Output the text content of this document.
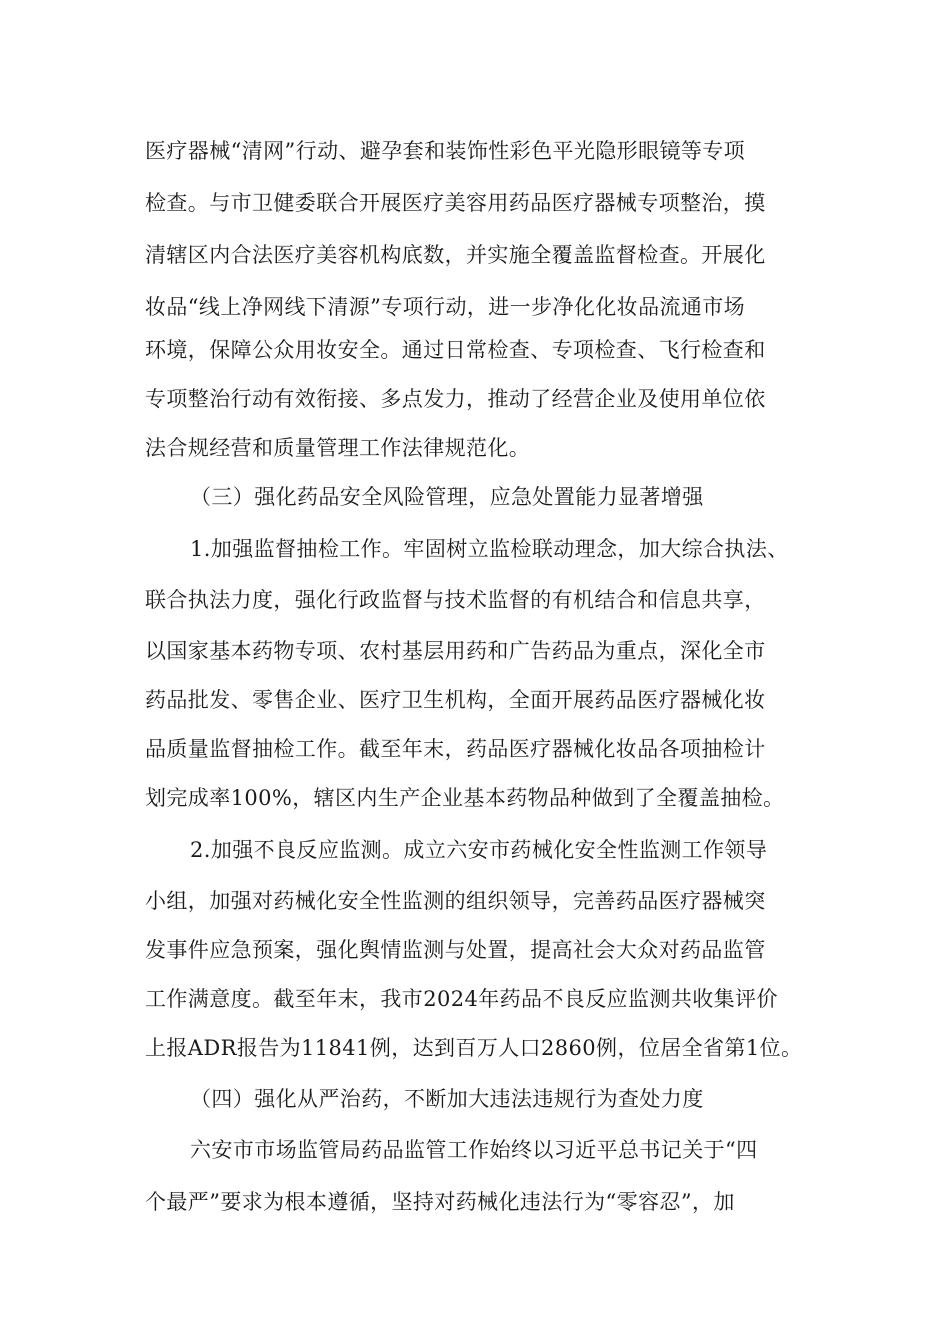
医疗器械“清网”行动、避孕套和装饰性彩色平光隐形眼镜等专项
检查。与市卫健委联合开展医疗美容用药品医疗器械专项整治，摸
清辖区内合法医疗美容机构底数，并实施全覆盖监督检查。开展化
妆品“线上净网线下清源”专项行动，进一步净化化妆品流通市场
环境，保障公众用妆安全。通过日常检查、专项检查、飞行检查和
专项整治行动有效衔接、多点发力，推动了经营企业及使用单位依
法合规经营和质量管理工作法律规范化。
（三）强化药品安全风险管理，应急处置能力显著增强
1.加强监督抽检工作。牢固树立监检联动理念，加大综合执法、
联合执法力度，强化行政监督与技术监督的有机结合和信息共享，
以国家基本药物专项、农村基层用药和广告药品为重点，深化全市
药品批发、零售企业、医疗卫生机构，全面开展药品医疗器械化妆
品质量监督抽检工作。截至年末，药品医疗器械化妆品各项抽检计
划完成率100%，辖区内生产企业基本药物品种做到了全覆盖抽检。
2.加强不良反应监测。成立六安市药械化安全性监测工作领导
小组，加强对药械化安全性监测的组织领导，完善药品医疗器械突
发事件应急预案，强化舆情监测与处置，提高社会大众对药品监管
工作满意度。截至年末，我市2024年药品不良反应监测共收集评价
上报ADR报告为11841例，达到百万人口2860例，位居全省第1位。
（四）强化从严治药，不断加大违法违规行为查处力度
六安市市场监管局药品监管工作始终以习近平总书记关于“四
个最严”要求为根本遵循，坚持对药械化违法行为“零容忍”，加
